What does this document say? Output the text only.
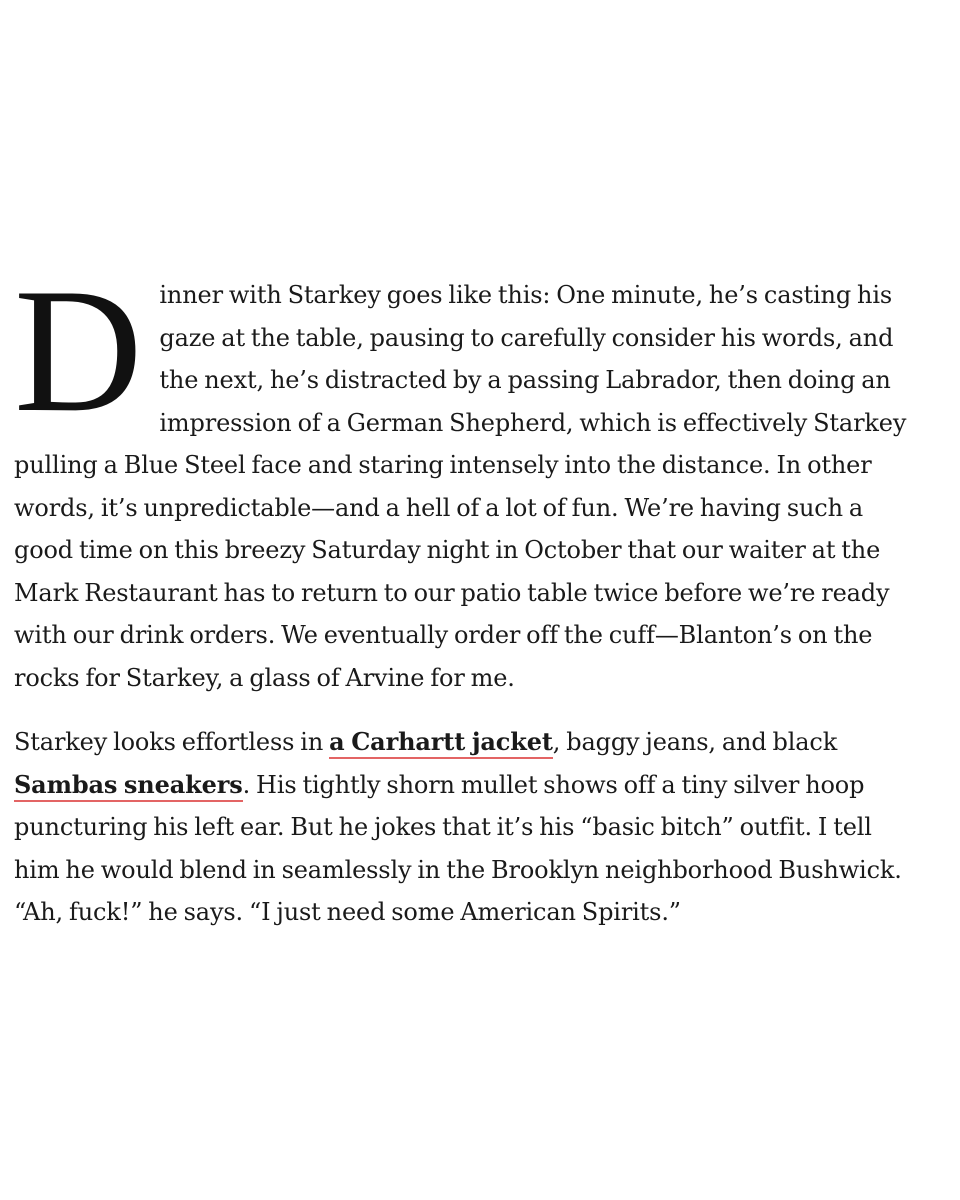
Dinner with Starkey goes like this: One minute, he’s casting his gaze at the table, pausing to carefully consider his words, and the next, he’s distracted by a passing Labrador, then doing an impression of a German Shepherd, which is effectively Starkey pulling a Blue Steel face and staring intensely into the distance. In other words, it’s unpredictable—and a hell of a lot of fun. We’re having such a good time on this breezy Saturday night in October that our waiter at the Mark Restaurant has to return to our patio table twice before we’re ready with our drink orders. We eventually order off the cuff—Blanton’s on the rocks for Starkey, a glass of Arvine for me.

Starkey looks effortless in a Carhartt jacket, baggy jeans, and black Sambas sneakers. His tightly shorn mullet shows off a tiny silver hoop puncturing his left ear. But he jokes that it’s his “basic bitch” outfit. I tell him he would blend in seamlessly in the Brooklyn neighborhood Bushwick. “Ah, fuck!” he says. “I just need some American Spirits.”
